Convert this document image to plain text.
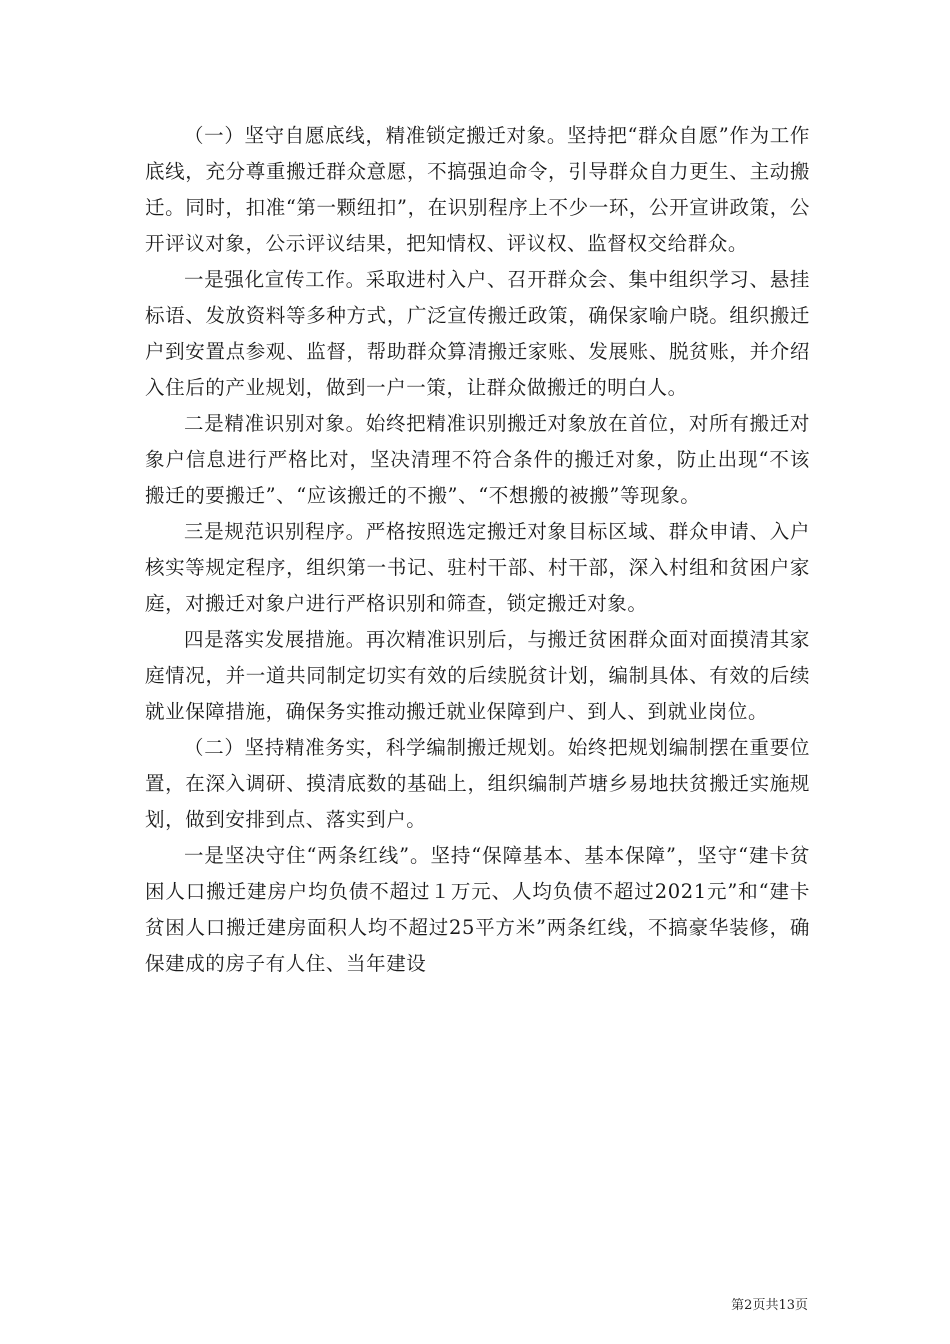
（一）坚守自愿底线，精准锁定搬迁对象。坚持把“群众自愿”作为工作底线，充分尊重搬迁群众意愿，不搞强迫命令，引导群众自力更生、主动搬迁。同时，扣准“第一颗纽扣”，在识别程序上不少一环，公开宣讲政策，公开评议对象，公示评议结果，把知情权、评议权、监督权交给群众。

一是强化宣传工作。采取进村入户、召开群众会、集中组织学习、悬挂标语、发放资料等多种方式，广泛宣传搬迁政策，确保家喻户晓。组织搬迁户到安置点参观、监督，帮助群众算清搬迁家账、发展账、脱贫账，并介绍入住后的产业规划，做到一户一策，让群众做搬迁的明白人。

二是精准识别对象。始终把精准识别搬迁对象放在首位，对所有搬迁对象户信息进行严格比对，坚决清理不符合条件的搬迁对象，防止出现“不该搬迁的要搬迁”、“应该搬迁的不搬”、“不想搬的被搬”等现象。

三是规范识别程序。严格按照选定搬迁对象目标区域、群众申请、入户核实等规定程序，组织第一书记、驻村干部、村干部，深入村组和贫困户家庭，对搬迁对象户进行严格识别和筛查，锁定搬迁对象。

四是落实发展措施。再次精准识别后，与搬迁贫困群众面对面摸清其家庭情况，并一道共同制定切实有效的后续脱贫计划，编制具体、有效的后续就业保障措施，确保务实推动搬迁就业保障到户、到人、到就业岗位。

（二）坚持精准务实，科学编制搬迁规划。始终把规划编制摆在重要位置，在深入调研、摸清底数的基础上，组织编制芦塘乡易地扶贫搬迁实施规划，做到安排到点、落实到户。

一是坚决守住“两条红线”。坚持“保障基本、基本保障”，坚守“建卡贫困人口搬迁建房户均负债不超过１万元、人均负债不超过2021元”和“建卡贫困人口搬迁建房面积人均不超过25平方米”两条红线，不搞豪华装修，确保建成的房子有人住、当年建设

第2页共13页
